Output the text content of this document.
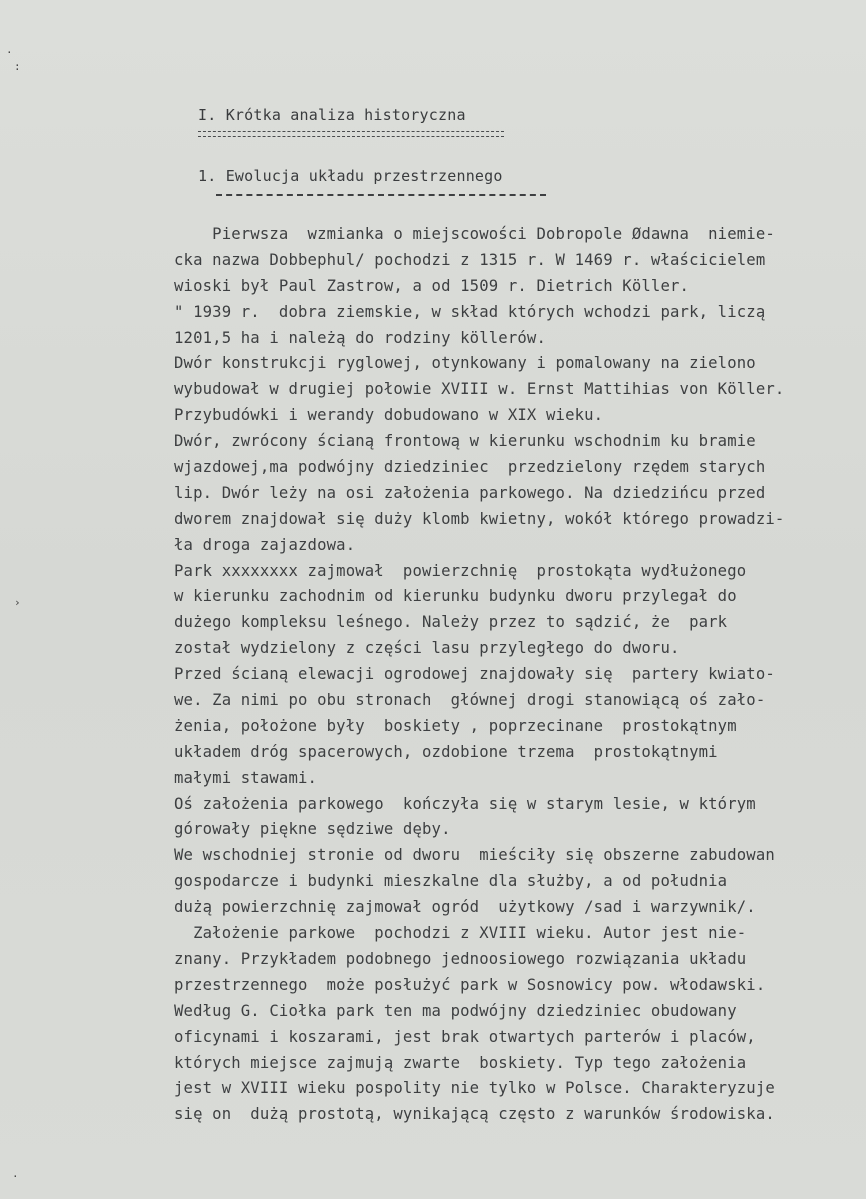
·
:
›
·
I. Krótka analiza historyczna
1. Ewolucja układu przestrzennego
Pierwsza  wzmianka o miejscowości Dobropole Ødawna  niemie-
cka nazwa Dobbephul/ pochodzi z 1315 r. W 1469 r. właścicielem
wioski był Paul Zastrow, a od 1509 r. Dietrich Köller.
" 1939 r.  dobra ziemskie, w skład których wchodzi park, liczą
1201,5 ha i należą do rodziny köllerów.
Dwór konstrukcji ryglowej, otynkowany i pomalowany na zielono
wybudował w drugiej połowie XVIII w. Ernst Mattihias von Köller.
Przybudówki i werandy dobudowano w XIX wieku.
Dwór, zwrócony ścianą frontową w kierunku wschodnim ku bramie
wjazdowej,ma podwójny dziedziniec  przedzielony rzędem starych
lip. Dwór leży na osi założenia parkowego. Na dziedzińcu przed
dworem znajdował się duży klomb kwietny, wokół którego prowadzi-
ła droga zajazdowa.
Park xxxxxxxx zajmował  powierzchnię  prostokąta wydłużonego
w kierunku zachodnim od kierunku budynku dworu przylegał do
dużego kompleksu leśnego. Należy przez to sądzić, że  park
został wydzielony z części lasu przyległego do dworu.
Przed ścianą elewacji ogrodowej znajdowały się  partery kwiato-
we. Za nimi po obu stronach  głównej drogi stanowiącą oś zało-
żenia, położone były  boskiety , poprzecinane  prostokątnym
układem dróg spacerowych, ozdobione trzema  prostokątnymi
małymi stawami.
Oś założenia parkowego  kończyła się w starym lesie, w którym
górowały piękne sędziwe dęby.
We wschodniej stronie od dworu  mieściły się obszerne zabudowan
gospodarcze i budynki mieszkalne dla służby, a od południa
dużą powierzchnię zajmował ogród  użytkowy /sad i warzywnik/.
Założenie parkowe  pochodzi z XVIII wieku. Autor jest nie-
znany. Przykładem podobnego jednoosiowego rozwiązania układu
przestrzennego  może posłużyć park w Sosnowicy pow. włodawski.
Według G. Ciołka park ten ma podwójny dziedziniec obudowany
oficynami i koszarami, jest brak otwartych parterów i placów,
których miejsce zajmują zwarte  boskiety. Typ tego założenia
jest w XVIII wieku pospolity nie tylko w Polsce. Charakteryzuje
się on  dużą prostotą, wynikającą często z warunków środowiska.
